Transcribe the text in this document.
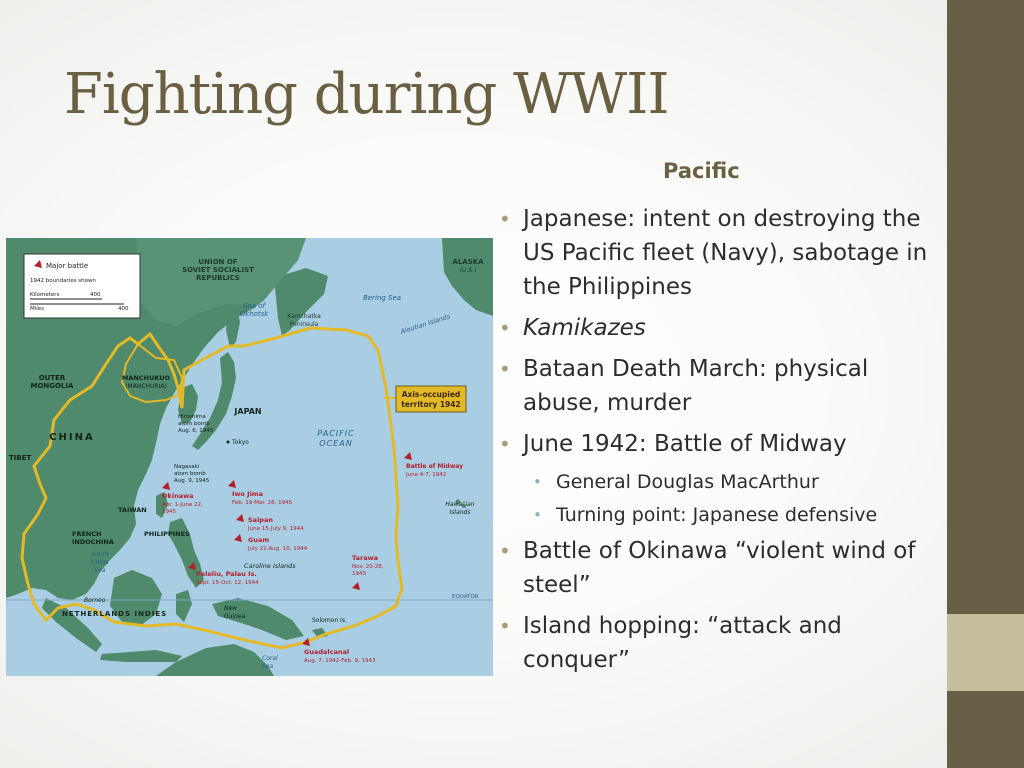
Fighting during WWII
Pacific
• Japanese: intent on destroying the US Pacific fleet (Navy), sabotage in the Philippines
• Kamikazes
• Bataan Death March: physical abuse, murder
• June 1942: Battle of Midway
• General Douglas MacArthur
• Turning point: Japanese defensive
• Battle of Okinawa “violent wind of steel”
• Island hopping: “attack and conquer”
Axis-occupied
territory 1942
Major battle
1942 boundaries shown
Kilometers	400
Miles	400
UNION OF
SOVIET SOCIALIST
REPUBLICS
ALASKA
(U.S.)
Sea of
Okhotsk	Kamchatka
Peninsula
Bering Sea
Aleutian Islands
OUTER
MONGOLIA
MANCHUKUO
(MANCHURIA)
CHINA
TIBET
JAPAN
Tokyo
Hiroshima
atom bomb
Aug. 6, 1945
Nagasaki
atom bomb
Aug. 9, 1945
PACIFIC
OCEAN
Hawai'ian
Islands
TAIWAN
PHILIPPINES
Caroline Islands
FRENCH
INDOCHINA
South
China
Sea
EQUATOR
Borneo
NETHERLANDS INDIES
New
Guinea
Solomon Is.
Coral
Sea
Battle of Midway
June 4-7, 1942
Okinawa
Apr. 1-June 22,
1945
Iwo Jima
Feb. 19-Mar. 26, 1945
Saipan
June 15-July 9, 1944
Guam
July 21-Aug. 10, 1944
Peleliu, Palau Is.
Sept. 15-Oct. 12, 1944
Tarawa
Nov. 20-28,
1943
Guadalcanal
Aug. 7, 1942-Feb. 9, 1943
